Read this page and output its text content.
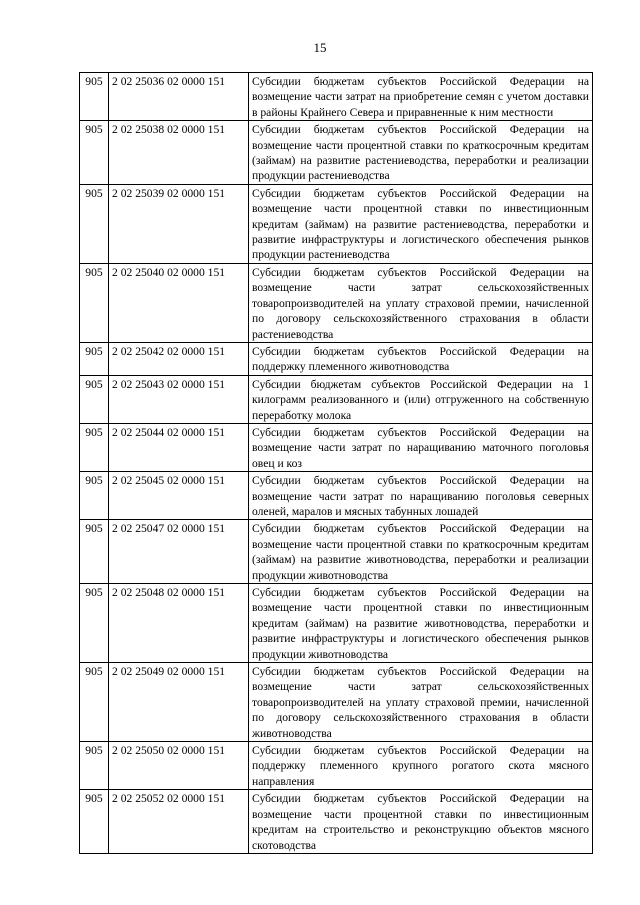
15
905	2 02 25036 02 0000 151	Субсидии бюджетам субъектов Российской Федерации на возмещение части затрат на приобретение семян с учетом доставки в районы Крайнего Севера и приравненные к ним местности
905	2 02 25038 02 0000 151	Субсидии бюджетам субъектов Российской Федерации на возмещение части процентной ставки по краткосрочным кредитам (займам) на развитие растениеводства, переработки и реализации продукции растениеводства
905	2 02 25039 02 0000 151	Субсидии бюджетам субъектов Российской Федерации на возмещение части процентной ставки по инвестиционным кредитам (займам) на развитие растениеводства, переработки и развитие инфраструктуры и логистического обеспечения рынков продукции растениеводства
905	2 02 25040 02 0000 151	Субсидии бюджетам субъектов Российской Федерации на возмещение части затрат сельскохозяйственных товаропроизводителей на уплату страховой премии, начисленной по договору сельскохозяйственного страхования в области растениеводства
905	2 02 25042 02 0000 151	Субсидии бюджетам субъектов Российской Федерации на поддержку племенного животноводства
905	2 02 25043 02 0000 151	Субсидии бюджетам субъектов Российской Федерации на 1 килограмм реализованного и (или) отгруженного на собственную переработку молока
905	2 02 25044 02 0000 151	Субсидии бюджетам субъектов Российской Федерации на возмещение части затрат по наращиванию маточного поголовья овец и коз
905	2 02 25045 02 0000 151	Субсидии бюджетам субъектов Российской Федерации на возмещение части затрат по наращиванию поголовья северных оленей, маралов и мясных табунных лошадей
905	2 02 25047 02 0000 151	Субсидии бюджетам субъектов Российской Федерации на возмещение части процентной ставки по краткосрочным кредитам (займам) на развитие животноводства, переработки и реализации продукции животноводства
905	2 02 25048 02 0000 151	Субсидии бюджетам субъектов Российской Федерации на возмещение части процентной ставки по инвестиционным кредитам (займам) на развитие животноводства, переработки и развитие инфраструктуры и логистического обеспечения рынков продукции животноводства
905	2 02 25049 02 0000 151	Субсидии бюджетам субъектов Российской Федерации на возмещение части затрат сельскохозяйственных товаропроизводителей на уплату страховой премии, начисленной по договору сельскохозяйственного страхования в области животноводства
905	2 02 25050 02 0000 151	Субсидии бюджетам субъектов Российской Федерации на поддержку племенного крупного рогатого скота мясного направления
905	2 02 25052 02 0000 151	Субсидии бюджетам субъектов Российской Федерации на возмещение части процентной ставки по инвестиционным кредитам на строительство и реконструкцию объектов мясного скотоводства
